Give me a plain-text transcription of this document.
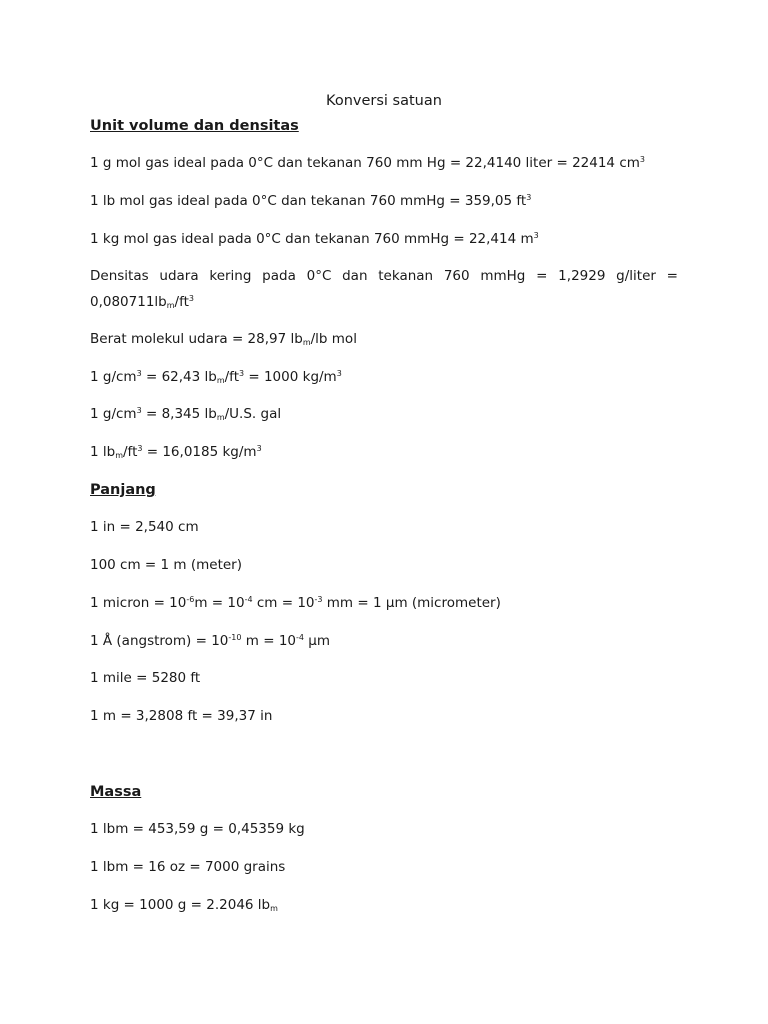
Konversi satuan
Unit volume dan densitas
1 g mol gas ideal pada 0°C dan tekanan 760 mm Hg = 22,4140 liter = 22414 $cm^3$
1 lb mol gas ideal pada 0°C dan tekanan 760 mmHg = 359,05 $ft^3$
1 kg mol gas ideal pada 0°C dan tekanan 760 mmHg = 22,414 $m^3$
Densitas udara kering pada 0°C dan tekanan 760 mmHg = 1,2929 g/liter = $0,080711lb_m/ft^3$
Berat molekul udara = 28,97 $lb_m/lb$ mol
1 $g/cm^3 = 62,43$ $lb_m/ft^3 = 1000$ $kg/m^3$
1 $g/cm^3 = 8,345$ $lb_m/U.S$. gal
1 $lb_m/ft^3 = 16,0185$ $kg/m^3$
Panjang
1 in = 2,540 cm
100 cm = 1 m (meter)
1 micron = $10^{-6}m = 10^{-4}$ cm = $10^{-3}$ mm = 1 µm (micrometer)
1 Å (angstrom) = $10^{-10}$ $m = 10^{-4}$ µm
1 mile = 5280 ft
1 m = 3,2808 ft = 39,37 in
Massa
1 lbm = 453,59 g = 0,45359 kg
1 lbm = 16 oz = 7000 grains
1 kg = 1000 g = 2.2046 $lb_m$
